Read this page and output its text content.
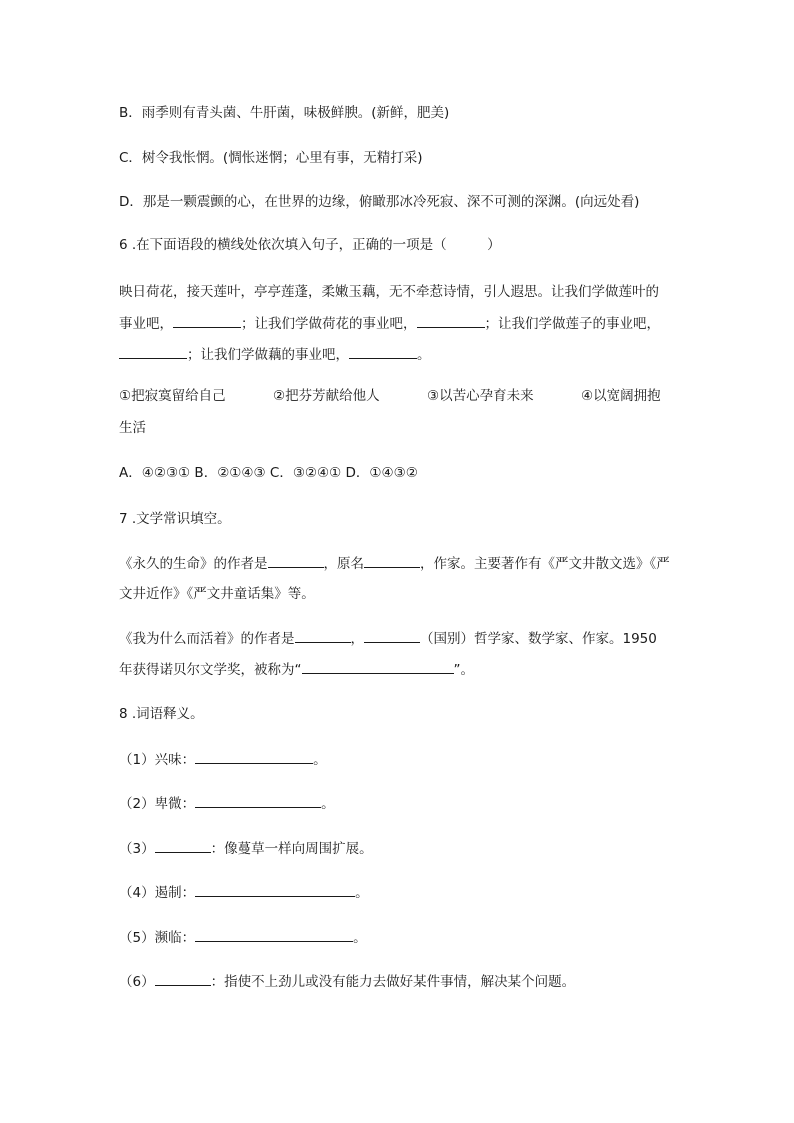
B．雨季则有青头菌、牛肝菌，味极鲜腴。(新鲜，肥美)
C．树令我怅惘。(惆怅迷惘；心里有事，无精打采)
D．那是一颗震颤的心，在世界的边缘，俯瞰那冰冷死寂、深不可测的深渊。(向远处看)
6 .在下面语段的横线处依次填入句子，正确的一项是（　　　）
映日荷花，接天莲叶，亭亭莲蓬，柔嫩玉藕，无不牵惹诗情，引人遐思。让我们学做莲叶的
事业吧，	；让我们学做荷花的事业吧，	；让我们学做莲子的事业吧，
；让我们学做藕的事业吧，	。
①把寂寞留给自己	②把芬芳献给他人	③以苦心孕育未来	④以宽阔拥抱
生活
A．④②③① B．②①④③ C．③②④① D．①④③②
7 .文学常识填空。
《永久的生命》的作者是	，原名	，作家。主要著作有《严文井散文选》《严
文井近作》《严文井童话集》等。
《我为什么而活着》的作者是	，	（国别）哲学家、数学家、作家。1950
年获得诺贝尔文学奖，被称为“	”。
8 .词语释义。
（1）兴味：	。
（2）卑微：	。
（3）	：像蔓草一样向周围扩展。
（4）遏制：	。
（5）濒临：	。
（6）	：指使不上劲儿或没有能力去做好某件事情，解决某个问题。
